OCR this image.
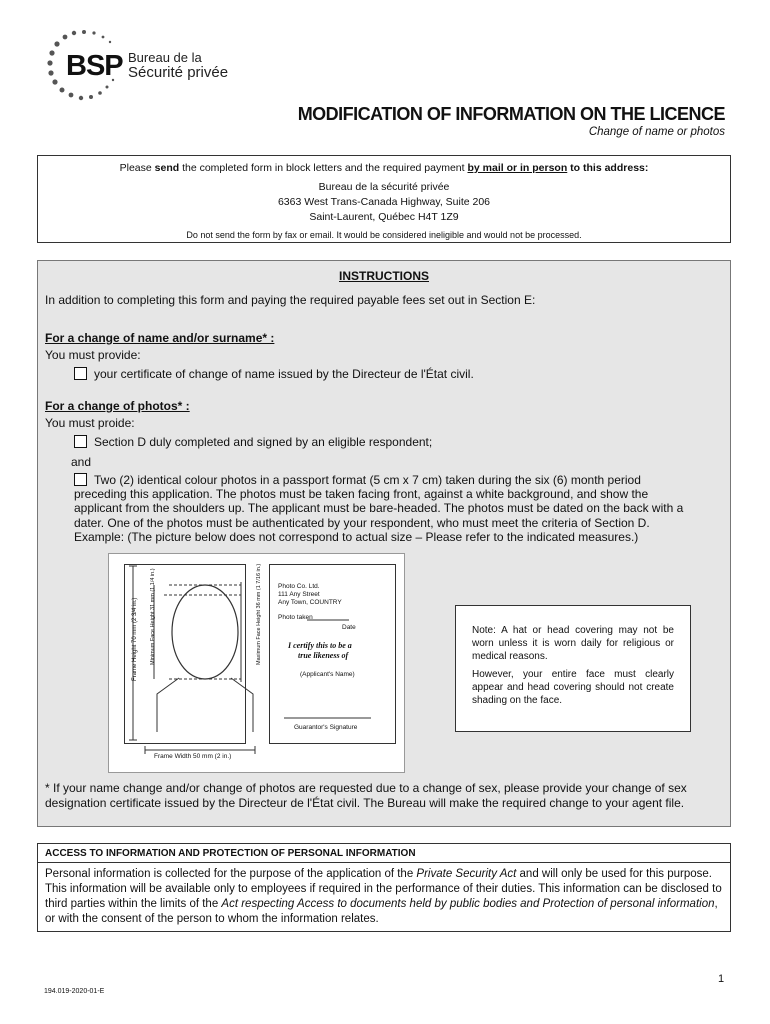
BSP Bureau de la
Sécurité privée
MODIFICATION OF INFORMATION ON THE LICENCE
Change of name or photos
Please send the completed form in block letters and the required payment by mail or in person to this address:
Bureau de la sécurité privée
6363 West Trans-Canada Highway, Suite 206
Saint-Laurent, Québec H4T 1Z9
Do not send the form by fax or email. It would be considered ineligible and would not be processed.
INSTRUCTIONS
In addition to completing this form and paying the required payable fees set out in Section E:
For a change of name and/or surname* :
You must provide:
your certificate of change of name issued by the Directeur de l'État civil.
For a change of photos* :
You must proide:
Section D duly completed and signed by an eligible respondent;
and
Two (2) identical colour photos in a passport format (5 cm x 7 cm) taken during the six (6) month period
preceding this application. The photos must be taken facing front, against a white background, and show the
applicant from the shoulders up. The applicant must be bare-headed. The photos must be dated on the back with a
dater. One of the photos must be authenticated by your respondent, who must meet the criteria of Section D.
Example: (The picture below does not correspond to actual size – Please refer to the indicated measures.)
* If your name change and/or change of photos are requested due to a change of sex, please provide your change of sex
designation certificate issued by the Directeur de l'État civil. The Bureau will make the required change to your agent file.
Frame Height 70 mm (2 3/4 in.) Minimum Face Height 31 mm (1 1/4 in.)	Maximum Face Height 36 mm (1 7/16 in.)
Frame Width 50 mm (2 in.)
Photo Co. Ltd.
111 Any Street
Any Town, COUNTRY
Photo taken
Date
I certify this to be a
true likeness of
(Applicant's Name)
Guarantor's Signature
Note: A hat or head covering may not be worn unless it is worn daily for religious or medical reasons.
However, your entire face must clearly appear and head covering should not create shading on the face.
ACCESS TO INFORMATION AND PROTECTION OF PERSONAL INFORMATION
Personal information is collected for the purpose of the application of the Private Security Act and will only be used for this purpose. This information will be available only to employees if required in the performance of their duties. This information can be disclosed to third parties within the limits of the Act respecting Access to documents held by public bodies and Protection of personal information, or with the consent of the person to whom the information relates.
1
194.019-2020-01-E
